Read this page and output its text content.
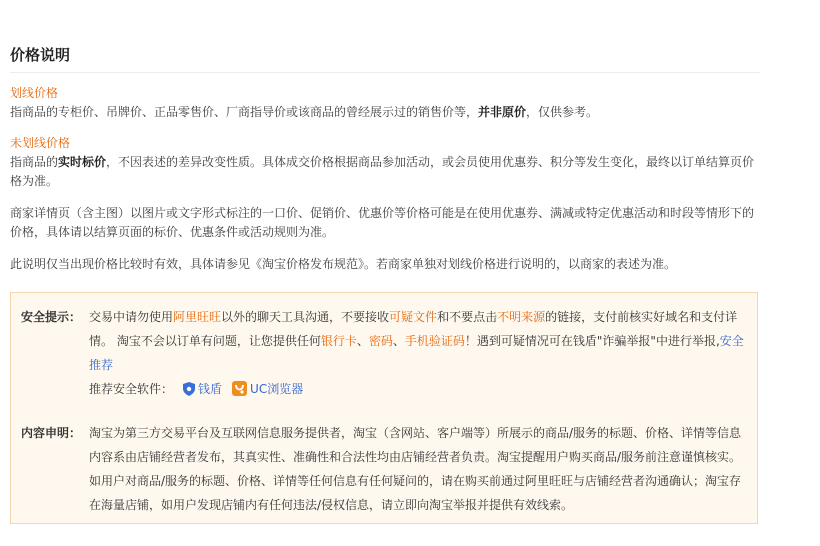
价格说明
划线价格
指商品的专柜价、吊牌价、正品零售价、厂商指导价或该商品的曾经展示过的销售价等，并非原价，仅供参考。
未划线价格
指商品的实时标价，不因表述的差异改变性质。具体成交价格根据商品参加活动，或会员使用优惠券、积分等发生变化，最终以订单结算页价格为准。
商家详情页（含主图）以图片或文字形式标注的一口价、促销价、优惠价等价格可能是在使用优惠券、满减或特定优惠活动和时段等情形下的价格，具体请以结算页面的标价、优惠条件或活动规则为准。
此说明仅当出现价格比较时有效，具体请参见《淘宝价格发布规范》。若商家单独对划线价格进行说明的，以商家的表述为准。
安全提示： 交易中请勿使用阿里旺旺以外的聊天工具沟通，不要接收可疑文件和不要点击不明来源的链接，支付前核实好域名和支付详情。 淘宝不会以订单有问题，让您提供任何银行卡、密码、手机验证码！遇到可疑情况可在钱盾"诈骗举报"中进行举报,安全推荐
推荐安全软件： 钱盾 UC浏览器
内容申明： 淘宝为第三方交易平台及互联网信息服务提供者，淘宝（含网站、客户端等）所展示的商品/服务的标题、价格、详情等信息内容系由店铺经营者发布，其真实性、准确性和合法性均由店铺经营者负责。淘宝提醒用户购买商品/服务前注意谨慎核实。如用户对商品/服务的标题、价格、详情等任何信息有任何疑问的，请在购买前通过阿里旺旺与店铺经营者沟通确认；淘宝存在海量店铺，如用户发现店铺内有任何违法/侵权信息，请立即向淘宝举报并提供有效线索。
